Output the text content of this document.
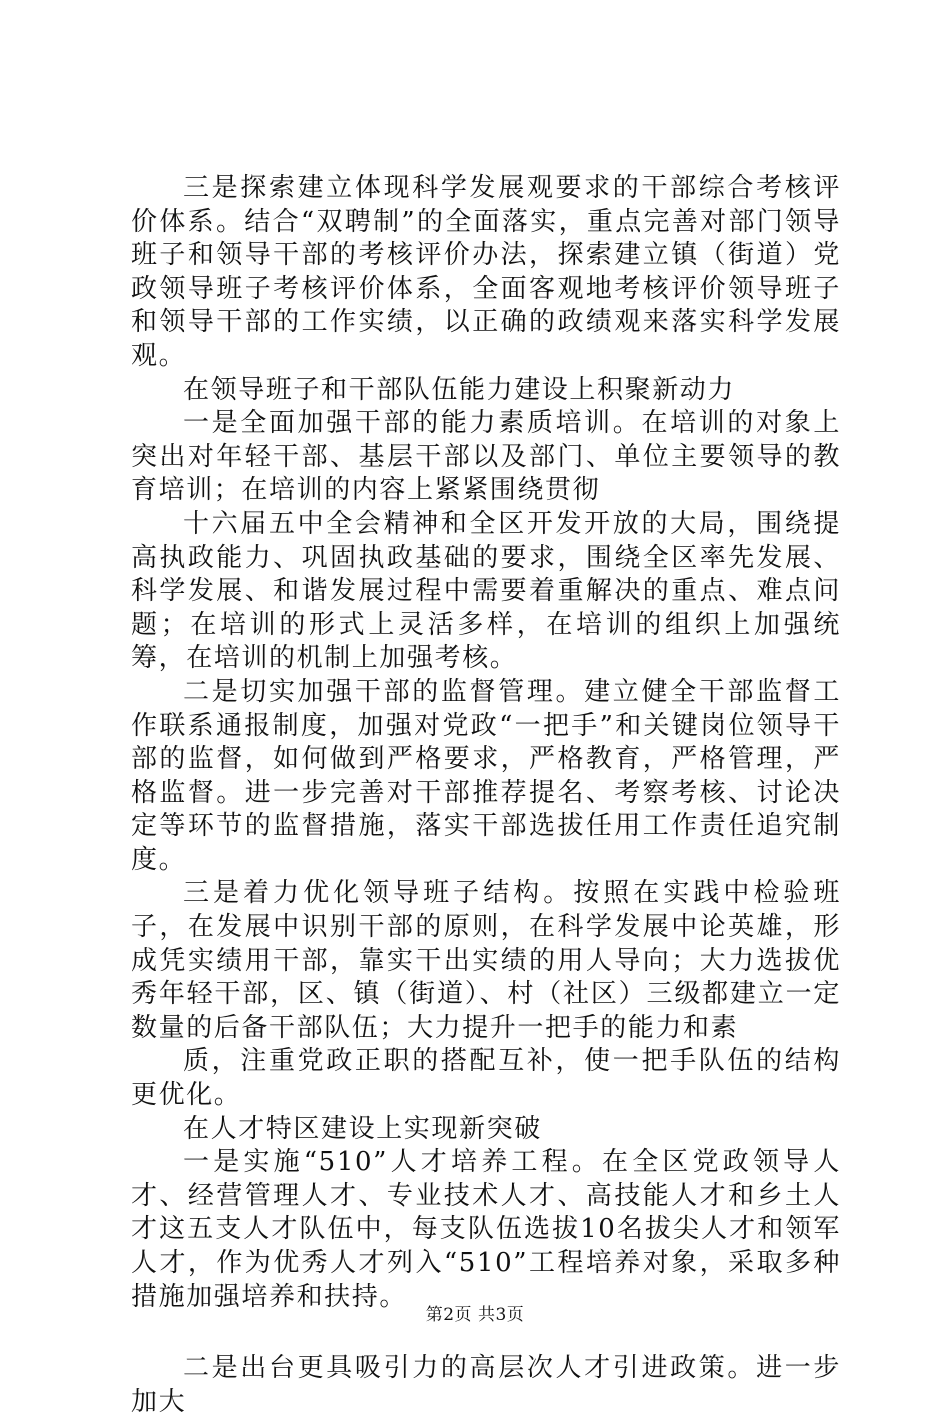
三是探索建立体现科学发展观要求的干部综合考核评价体系。结合“双聘制”的全面落实，重点完善对部门领导班子和领导干部的考核评价办法，探索建立镇（街道）党政领导班子考核评价体系，全面客观地考核评价领导班子和领导干部的工作实绩，以正确的政绩观来落实科学发展观。

在领导班子和干部队伍能力建设上积聚新动力

一是全面加强干部的能力素质培训。在培训的对象上突出对年轻干部、基层干部以及部门、单位主要领导的教育培训；在培训的内容上紧紧围绕贯彻

十六届五中全会精神和全区开发开放的大局，围绕提高执政能力、巩固执政基础的要求，围绕全区率先发展、科学发展、和谐发展过程中需要着重解决的重点、难点问题；在培训的形式上灵活多样，在培训的组织上加强统筹，在培训的机制上加强考核。

二是切实加强干部的监督管理。建立健全干部监督工作联系通报制度，加强对党政“一把手”和关键岗位领导干部的监督，如何做到严格要求，严格教育，严格管理，严格监督。进一步完善对干部推荐提名、考察考核、讨论决定等环节的监督措施，落实干部选拔任用工作责任追究制度。

三是着力优化领导班子结构。按照在实践中检验班子，在发展中识别干部的原则，在科学发展中论英雄，形成凭实绩用干部，靠实干出实绩的用人导向；大力选拔优秀年轻干部，区、镇（街道）、村（社区）三级都建立一定数量的后备干部队伍；大力提升一把手的能力和素

质，注重党政正职的搭配互补，使一把手队伍的结构更优化。

在人才特区建设上实现新突破

一是实施“510”人才培养工程。在全区党政领导人才、经营管理人才、专业技术人才、高技能人才和乡土人才这五支人才队伍中，每支队伍选拔10名拔尖人才和领军人才，作为优秀人才列入“510”工程培养对象，采取多种措施加强培养和扶持。

二是出台更具吸引力的高层次人才引进政策。进一步加大

第2页 共3页
